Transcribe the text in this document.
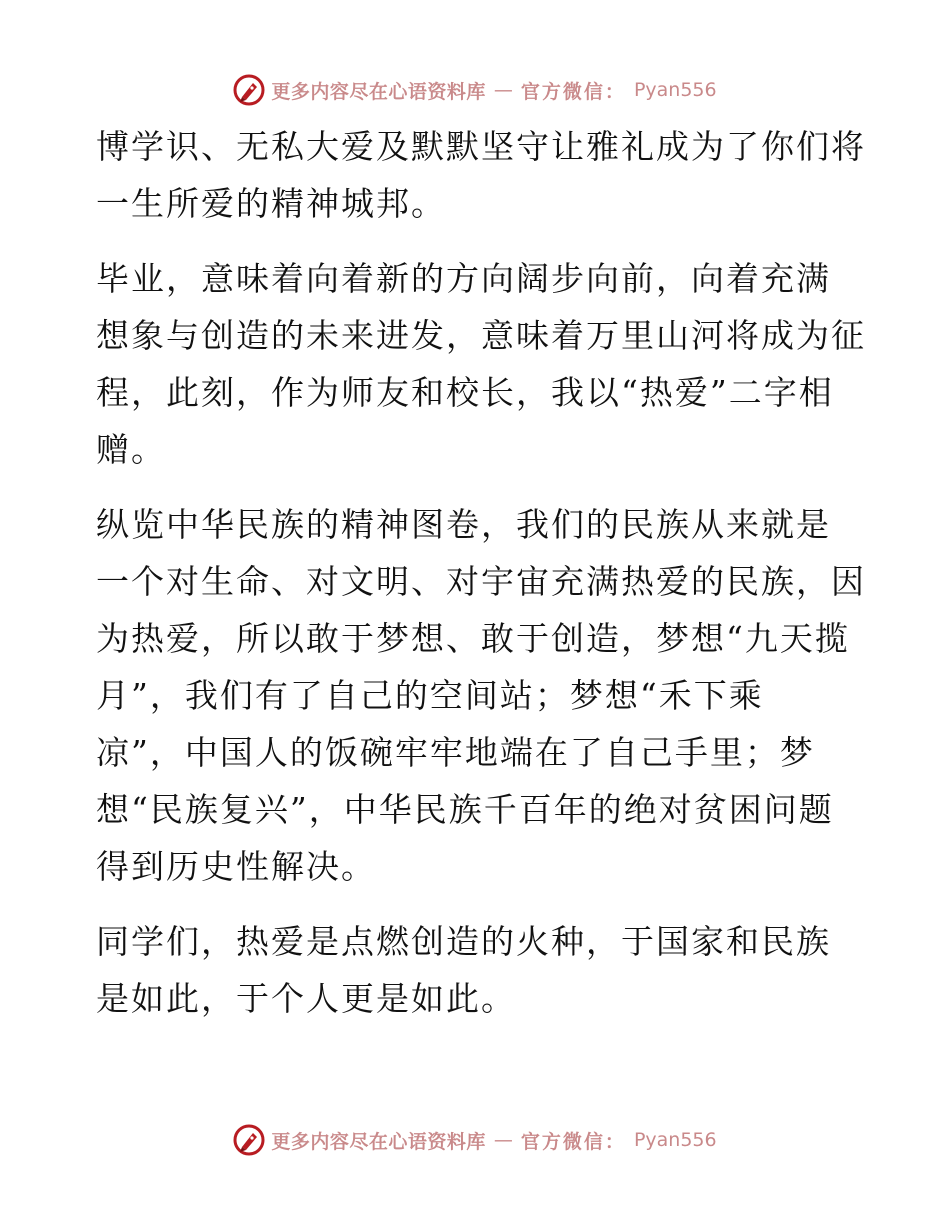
更多内容尽在心语资料库 — 官方微信： Pyan556
博学识、无私大爱及默默坚守让雅礼成为了你们将
一生所爱的精神城邦。
毕业，意味着向着新的方向阔步向前，向着充满
想象与创造的未来进发，意味着万里山河将成为征
程，此刻，作为师友和校长，我以“热爱”二字相
赠。
纵览中华民族的精神图卷，我们的民族从来就是
一个对生命、对文明、对宇宙充满热爱的民族，因
为热爱，所以敢于梦想、敢于创造，梦想“九天揽
月”，我们有了自己的空间站；梦想“禾下乘
凉”，中国人的饭碗牢牢地端在了自己手里；梦
想“民族复兴”，中华民族千百年的绝对贫困问题
得到历史性解决。
同学们，热爱是点燃创造的火种，于国家和民族
是如此，于个人更是如此。
更多内容尽在心语资料库 — 官方微信： Pyan556
